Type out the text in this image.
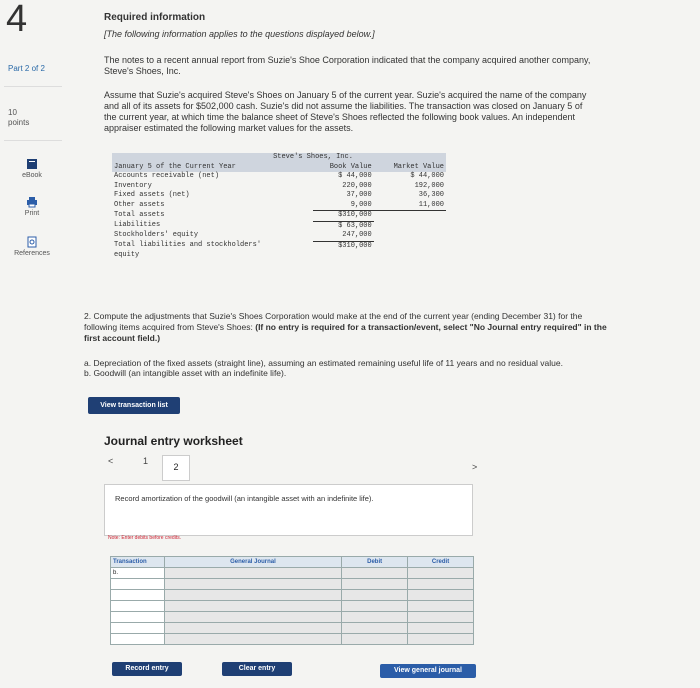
4
Part 2 of 2
10
points
eBook
Print
References
Required information
[The following information applies to the questions displayed below.]
The notes to a recent annual report from Suzie's Shoe Corporation indicated that the company acquired another company,
Steve's Shoes, Inc.
Assume that Suzie's acquired Steve's Shoes on January 5 of the current year. Suzie's acquired the name of the company
and all of its assets for $502,000 cash. Suzie's did not assume the liabilities. The transaction was closed on January 5 of
the current year, at which time the balance sheet of Steve's Shoes reflected the following book values. An independent
appraiser estimated the following market values for the assets.
Steve's Shoes, Inc.		
January 5 of the Current Year	Book Value	Market Value
Accounts receivable (net)	$ 44,000	$ 44,000
Inventory	220,000	192,000
Fixed assets (net)	37,000	36,300
Other assets	9,000	11,000
Total assets	$310,000	
Liabilities	$ 63,000	
Stockholders' equity	247,000	
Total liabilities and stockholders'	$310,000	
equity		
2. Compute the adjustments that Suzie's Shoes Corporation would make at the end of the current year (ending December 31) for the
following items acquired from Steve's Shoes: (If no entry is required for a transaction/event, select "No Journal entry required" in the
first account field.)
a. Depreciation of the fixed assets (straight line), assuming an estimated remaining useful life of 11 years and no residual value.
b. Goodwill (an intangible asset with an indefinite life).
View transaction list
Journal entry worksheet
<	1
2	>
Record amortization of the goodwill (an intangible asset with an indefinite life).
Note: Enter debits before credits.
Transaction	General Journal	Debit	Credit
b.			

Record entry	Clear entry	View general journal
